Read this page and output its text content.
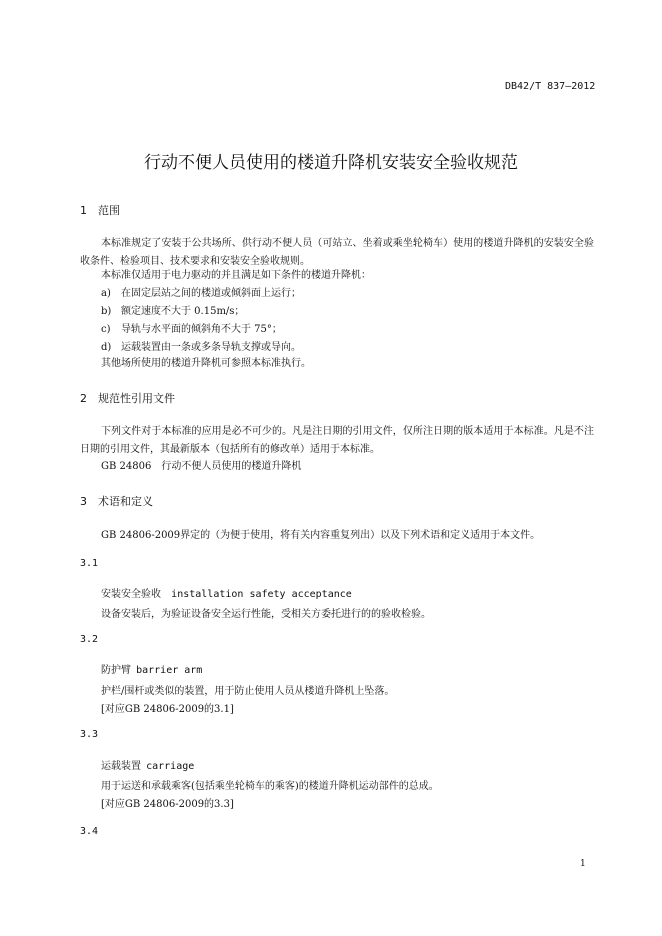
DB42/T 837—2012
行动不便人员使用的楼道升降机安装安全验收规范
1　 范围
本标准规定了安装于公共场所、供行动不便人员（可站立、坐着或乘坐轮椅车）使用的楼道升降机的安装安全验收条件、检验项目、技术要求和安装安全验收规则。
本标准仅适用于电力驱动的并且满足如下条件的楼道升降机：
a)	在固定层站之间的楼道或倾斜面上运行；
b) 额定速度不大于 0.15m/s；
c)	导轨与水平面的倾斜角不大于 75°；
d) 运载装置由一条或多条导轨支撑或导向。
其他场所使用的楼道升降机可参照本标准执行。
2　 规范性引用文件
下列文件对于本标准的应用是必不可少的。凡是注日期的引用文件，仅所注日期的版本适用于本标准。凡是不注日期的引用文件，其最新版本（包括所有的修改单）适用于本标准。
GB 24806　行动不便人员使用的楼道升降机
3　 术语和定义
GB 24806-2009界定的（为便于使用，将有关内容重复列出）以及下列术语和定义适用于本文件。
3.1
安装安全验收 installation safety acceptance
设备安装后，为验证设备安全运行性能，受相关方委托进行的的验收检验。
3.2
防护臂 barrier arm
护栏/围杆或类似的装置，用于防止使用人员从楼道升降机上坠落。
[对应GB 24806-2009的3.1]
3.3
运载装置 carriage
用于运送和承载乘客(包括乘坐轮椅车的乘客)的楼道升降机运动部件的总成。
[对应GB 24806-2009的3.3]
3.4
1
